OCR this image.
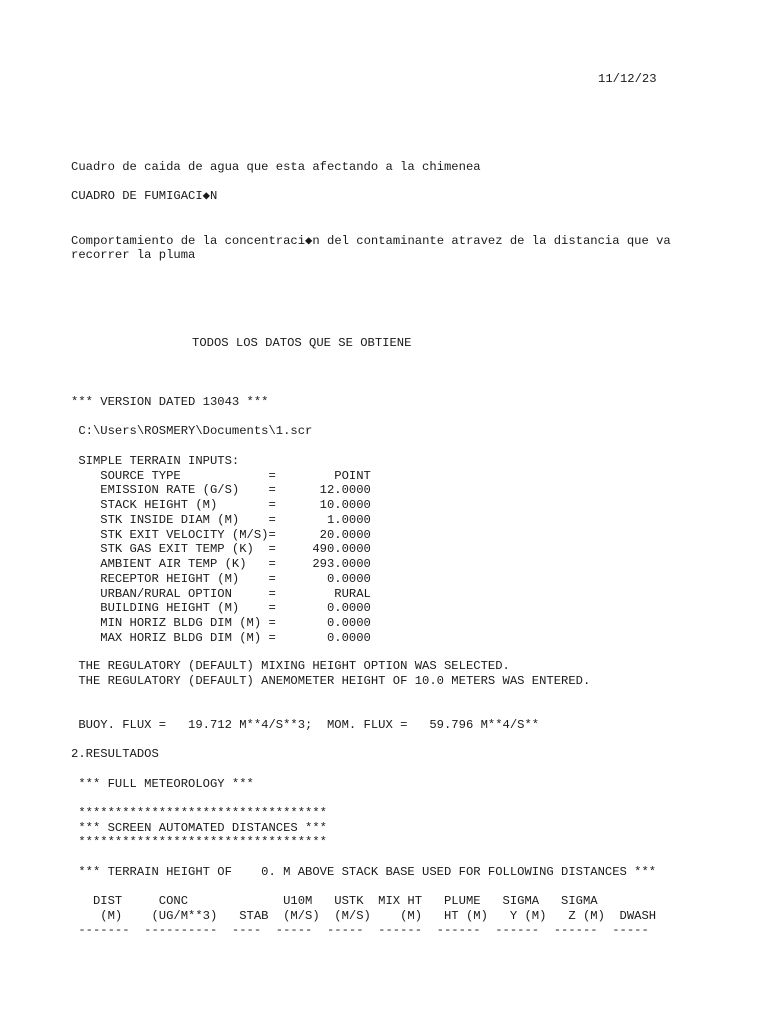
11/12/23
Cuadro de caida de agua que esta afectando a la chimenea
CUADRO DE FUMIGACI◆N
Comportamiento de la concentraci◆n del contaminante atravez de la distancia que va
recorrer la pluma
TODOS LOS DATOS QUE SE OBTIENE
*** VERSION DATED 13043 ***
C:\Users\ROSMERY\Documents\1.scr
SIMPLE TERRAIN INPUTS:
SOURCE TYPE            =        POINT
EMISSION RATE (G/S)    =      12.0000
STACK HEIGHT (M)       =      10.0000
STK INSIDE DIAM (M)    =       1.0000
STK EXIT VELOCITY (M/S)=      20.0000
STK GAS EXIT TEMP (K)  =     490.0000
AMBIENT AIR TEMP (K)   =     293.0000
RECEPTOR HEIGHT (M)    =       0.0000
URBAN/RURAL OPTION     =        RURAL
BUILDING HEIGHT (M)    =       0.0000
MIN HORIZ BLDG DIM (M) =       0.0000
MAX HORIZ BLDG DIM (M) =       0.0000
THE REGULATORY (DEFAULT) MIXING HEIGHT OPTION WAS SELECTED.
THE REGULATORY (DEFAULT) ANEMOMETER HEIGHT OF 10.0 METERS WAS ENTERED.
BUOY. FLUX =   19.712 M**4/S**3;  MOM. FLUX =   59.796 M**4/S**
2.RESULTADOS
*** FULL METEOROLOGY ***
**********************************
*** SCREEN AUTOMATED DISTANCES ***
**********************************
*** TERRAIN HEIGHT OF    0. M ABOVE STACK BASE USED FOR FOLLOWING DISTANCES ***
DIST     CONC             U10M   USTK  MIX HT   PLUME   SIGMA   SIGMA
(M)    (UG/M**3)   STAB  (M/S)  (M/S)    (M)   HT (M)   Y (M)   Z (M)  DWASH
-------  ----------  ----  -----  -----  ------  ------  ------  ------  -----
